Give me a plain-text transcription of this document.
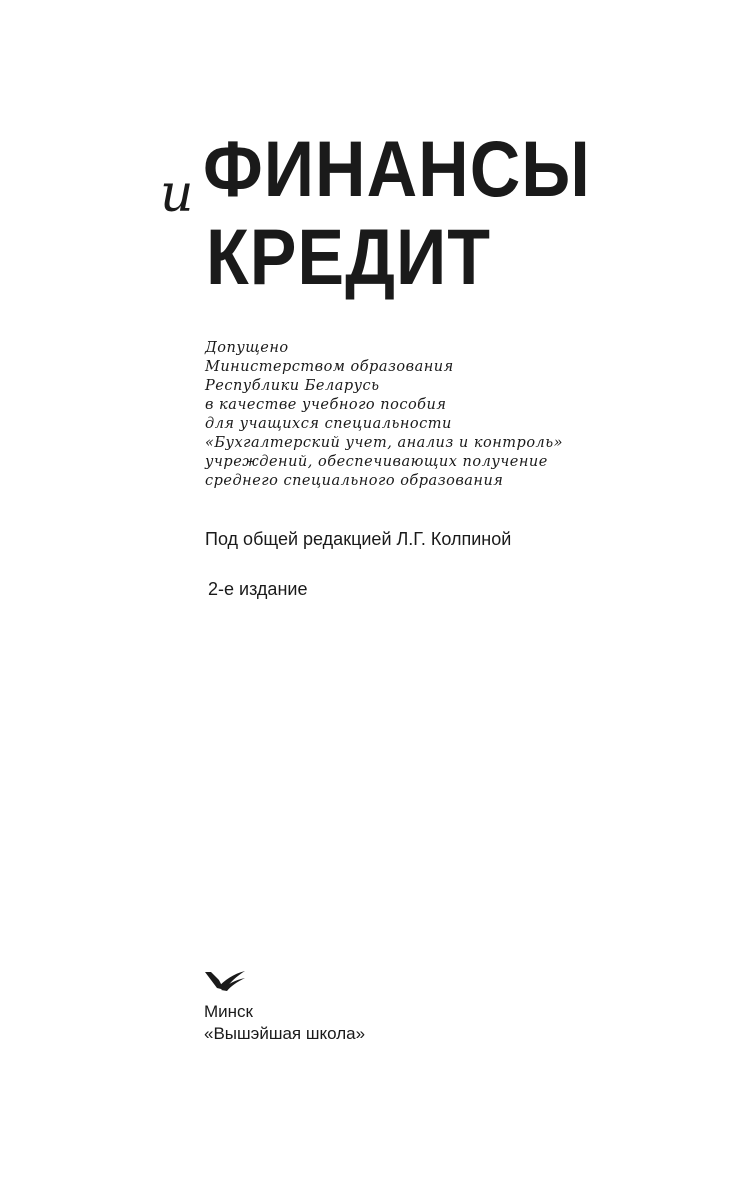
ФИНАНСЫ
и
КРЕДИТ
Допущено
Министерством образования
Республики Беларусь
в качестве учебного пособия
для учащихся специальности
«Бухгалтерский учет, анализ и контроль»
учреждений, обеспечивающих получение
среднего специального образования
Под общей редакцией Л.Г. Колпиной
2-е издание
Минск
«Вышэйшая школа»
